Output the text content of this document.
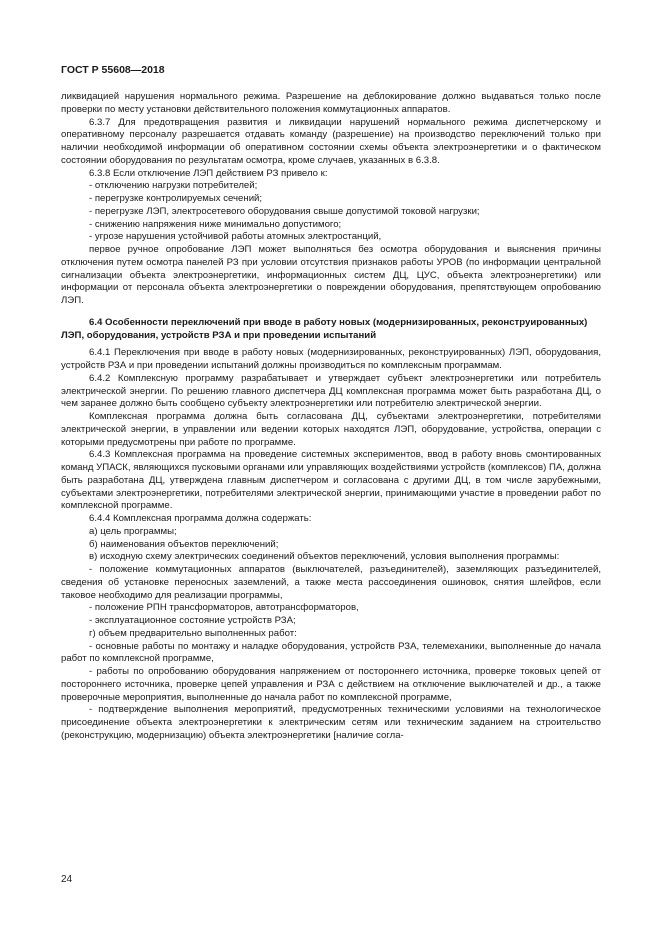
ГОСТ Р 55608—2018

ликвидацией нарушения нормального режима. Разрешение на деблокирование должно выдаваться только после проверки по месту установки действительного положения коммутационных аппаратов.

6.3.7 Для предотвращения развития и ликвидации нарушений нормального режима диспетчерскому и оперативному персоналу разрешается отдавать команду (разрешение) на производство переключений только при наличии необходимой информации об оперативном состоянии схемы объекта электроэнергетики и о фактическом состоянии оборудования по результатам осмотра, кроме случаев, указанных в 6.3.8.

6.3.8 Если отключение ЛЭП действием РЗ привело к:

- отключению нагрузки потребителей;

- перегрузке контролируемых сечений;

- перегрузке ЛЭП, электросетевого оборудования свыше допустимой токовой нагрузки;

- снижению напряжения ниже минимально допустимого;

- угрозе нарушения устойчивой работы атомных электростанций,

первое ручное опробование ЛЭП может выполняться без осмотра оборудования и выяснения причины отключения путем осмотра панелей РЗ при условии отсутствия признаков работы УРОВ (по информации центральной сигнализации объекта электроэнергетики, информационных систем ДЦ, ЦУС, объекта электроэнергетики) или информации от персонала объекта электроэнергетики о повреждении оборудования, препятствующем опробованию ЛЭП.

6.4 Особенности переключений при вводе в работу новых (модернизированных, реконструированных) ЛЭП, оборудования, устройств РЗА и при проведении испытаний

6.4.1 Переключения при вводе в работу новых (модернизированных, реконструированных) ЛЭП, оборудования, устройств РЗА и при проведении испытаний должны производиться по комплексным программам.

6.4.2 Комплексную программу разрабатывает и утверждает субъект электроэнергетики или потребитель электрической энергии. По решению главного диспетчера ДЦ комплексная программа может быть разработана ДЦ, о чем заранее должно быть сообщено субъекту электроэнергетики или потребителю электрической энергии.

Комплексная программа должна быть согласована ДЦ, субъектами электроэнергетики, потребителями электрической энергии, в управлении или ведении которых находятся ЛЭП, оборудование, устройства, операции с которыми предусмотрены при работе по программе.

6.4.3 Комплексная программа на проведение системных экспериментов, ввод в работу вновь смонтированных команд УПАСК, являющихся пусковыми органами или управляющих воздействиями устройств (комплексов) ПА, должна быть разработана ДЦ, утверждена главным диспетчером и согласована с другими ДЦ, в том числе зарубежными, субъектами электроэнергетики, потребителями электрической энергии, принимающими участие в проведении работ по комплексной программе.

6.4.4 Комплексная программа должна содержать:

а) цель программы;

б) наименования объектов переключений;

в) исходную схему электрических соединений объектов переключений, условия выполнения программы:

- положение коммутационных аппаратов (выключателей, разъединителей), заземляющих разъединителей, сведения об установке переносных заземлений, а также места рассоединения ошиновок, снятия шлейфов, если таковое необходимо для реализации программы,

- положение РПН трансформаторов, автотрансформаторов,

- эксплуатационное состояние устройств РЗА;

г) объем предварительно выполненных работ:

- основные работы по монтажу и наладке оборудования, устройств РЗА, телемеханики, выполненные до начала работ по комплексной программе,

- работы по опробованию оборудования напряжением от постороннего источника, проверке токовых цепей от постороннего источника, проверке цепей управления и РЗА с действием на отключение выключателей и др., а также проверочные мероприятия, выполненные до начала работ по комплексной программе,

- подтверждение выполнения мероприятий, предусмотренных техническими условиями на технологическое присоединение объекта электроэнергетики к электрическим сетям или техническим заданием на строительство (реконструкцию, модернизацию) объекта электроэнергетики [наличие согла-

24
